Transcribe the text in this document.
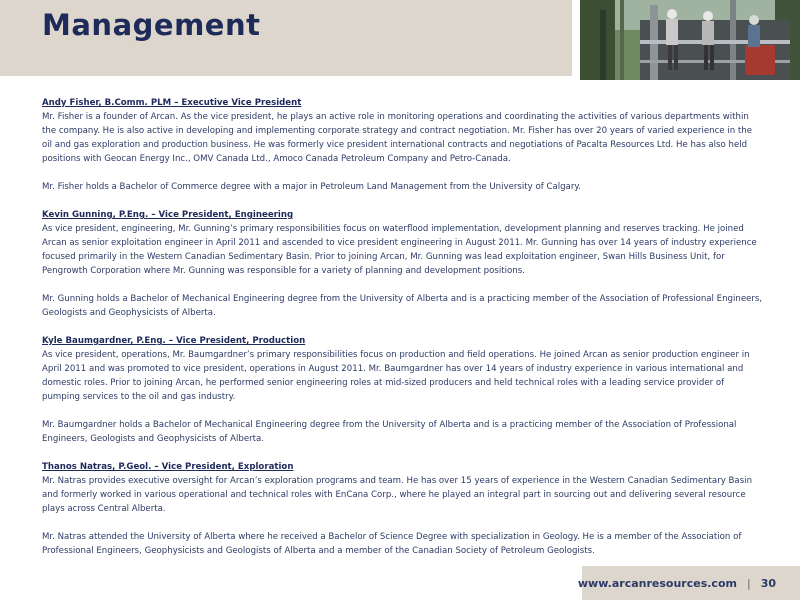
Management
Andy Fisher, B.Comm. PLM – Executive Vice President

Mr. Fisher is a founder of Arcan. As the vice president, he plays an active role in monitoring operations and coordinating the activities of various departments within the company. He is also active in developing and implementing corporate strategy and contract negotiation. Mr. Fisher has over 20 years of varied experience in the oil and gas exploration and production business. He was formerly vice president international contracts and negotiations of Pacalta Resources Ltd. He has also held positions with Geocan Energy Inc., OMV Canada Ltd., Amoco Canada Petroleum Company and Petro-Canada.

Mr. Fisher holds a Bachelor of Commerce degree with a major in Petroleum Land Management from the University of Calgary.

Kevin Gunning, P.Eng. – Vice President, Engineering

As vice president, engineering, Mr. Gunning’s primary responsibilities focus on waterflood implementation, development planning and reserves tracking. He joined Arcan as senior exploitation engineer in April 2011 and ascended to vice president engineering in August 2011. Mr. Gunning has over 14 years of industry experience focused primarily in the Western Canadian Sedimentary Basin. Prior to joining Arcan, Mr. Gunning was lead exploitation engineer, Swan Hills Business Unit, for Pengrowth Corporation where Mr. Gunning was responsible for a variety of planning and development positions.

Mr. Gunning holds a Bachelor of Mechanical Engineering degree from the University of Alberta and is a practicing member of the Association of Professional Engineers, Geologists and Geophysicists of Alberta.

Kyle Baumgardner, P.Eng. – Vice President, Production

As vice president, operations, Mr. Baumgardner’s primary responsibilities focus on production and field operations. He joined Arcan as senior production engineer in April 2011 and was promoted to vice president, operations in August 2011. Mr. Baumgardner has over 14 years of industry experience in various international and domestic roles. Prior to joining Arcan, he performed senior engineering roles at mid-sized producers and held technical roles with a leading service provider of pumping services to the oil and gas industry.

Mr. Baumgardner holds a Bachelor of Mechanical Engineering degree from the University of Alberta and is a practicing member of the Association of Professional Engineers, Geologists and Geophysicists of Alberta.

Thanos Natras, P.Geol. – Vice President, Exploration

Mr. Natras provides executive oversight for Arcan’s exploration programs and team. He has over 15 years of experience in the Western Canadian Sedimentary Basin and formerly worked in various operational and technical roles with EnCana Corp., where he played an integral part in sourcing out and delivering several resource plays across Central Alberta.

Mr. Natras attended the University of Alberta where he received a Bachelor of Science Degree with specialization in Geology. He is a member of the Association of Professional Engineers, Geophysicists and Geologists of Alberta and a member of the Canadian Society of Petroleum Geologists.

www.arcanresources.com | 30
